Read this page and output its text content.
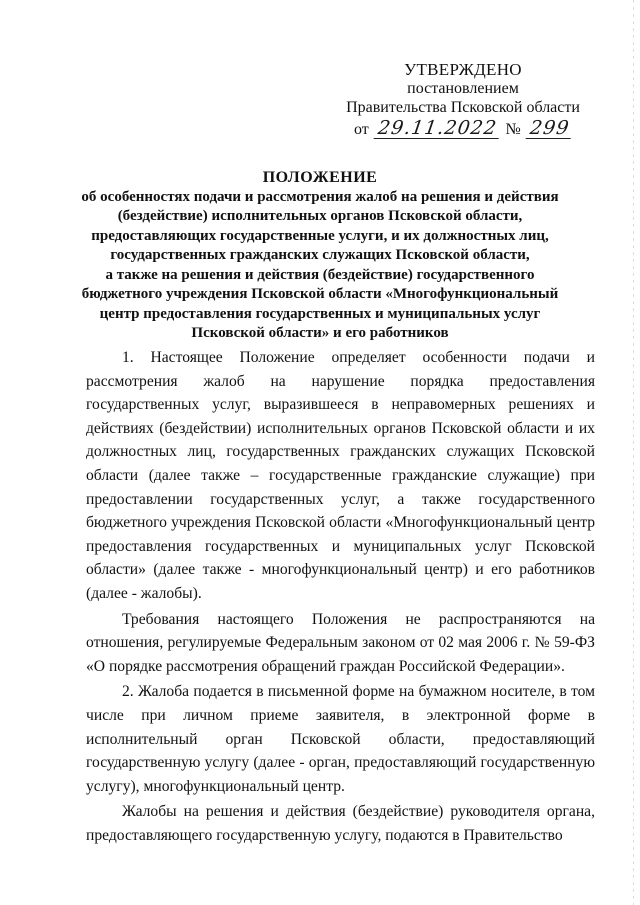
УТВЕРЖДЕНО
постановлением
Правительства Псковской области
от 29.11.2022 № 299
ПОЛОЖЕНИЕ
об особенностях подачи и рассмотрения жалоб на решения и действия
(бездействие) исполнительных органов Псковской области,
предоставляющих государственные услуги, и их должностных лиц,
государственных гражданских служащих Псковской области,
а также на решения и действия (бездействие) государственного
бюджетного учреждения Псковской области «Многофункциональный
центр предоставления государственных и муниципальных услуг
Псковской области» и его работников

1. Настоящее Положение определяет особенности подачи и рассмотрения жалоб на нарушение порядка предоставления государственных услуг, выразившееся в неправомерных решениях и действиях (бездействии) исполнительных органов Псковской области и их должностных лиц, государственных гражданских служащих Псковской области (далее также – государственные гражданские служащие) при предоставлении государственных услуг, а также государственного бюджетного учреждения Псковской области «Многофункциональный центр предоставления государственных и муниципальных услуг Псковской области» (далее также - многофункциональный центр) и его работников (далее - жалобы).

Требования настоящего Положения не распространяются на отношения, регулируемые Федеральным законом от 02 мая 2006 г. № 59-ФЗ «О порядке рассмотрения обращений граждан Российской Федерации».

2. Жалоба подается в письменной форме на бумажном носителе, в том числе при личном приеме заявителя, в электронной форме в исполнительный орган Псковской области, предоставляющий государственную услугу (далее - орган, предоставляющий государственную услугу), многофункциональный центр.

Жалобы на решения и действия (бездействие) руководителя органа, предоставляющего государственную услугу, подаются в Правительство
